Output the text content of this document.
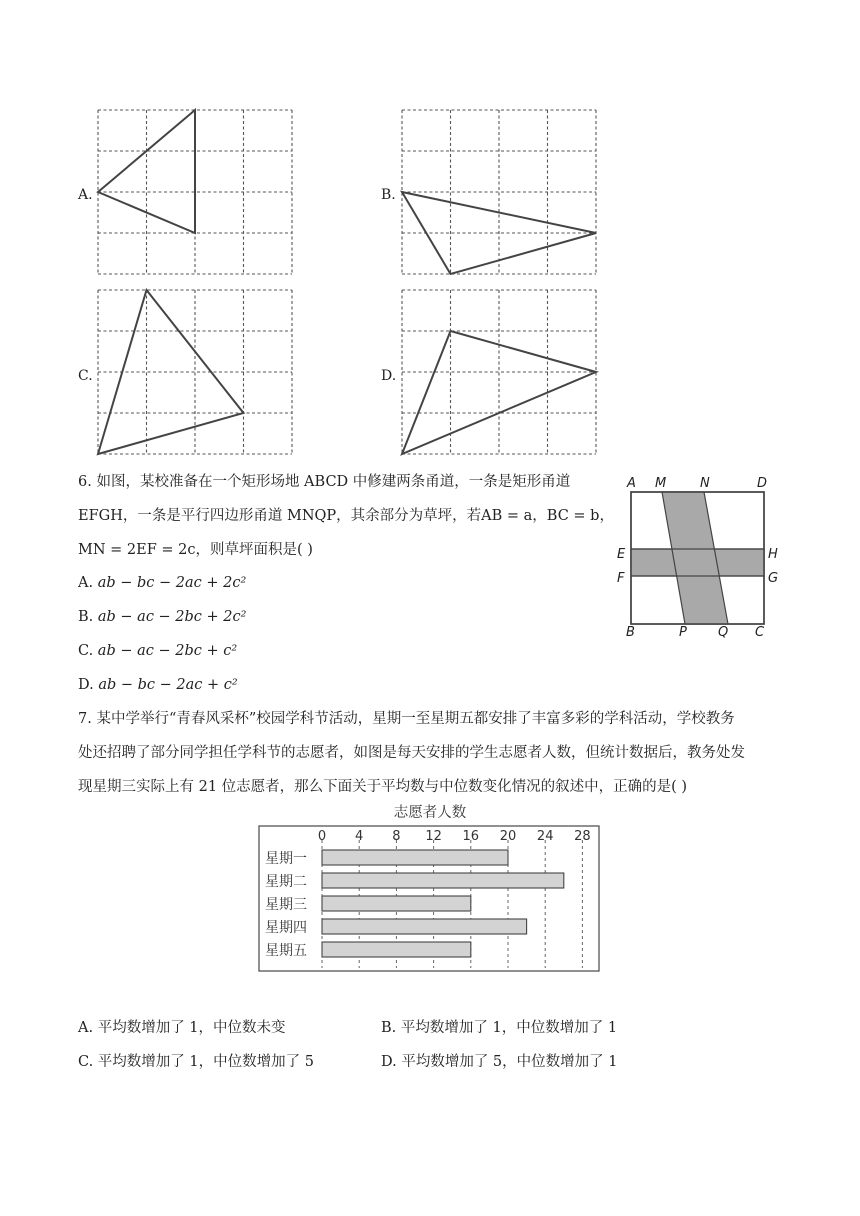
A.	B.
C.	D.
6. 如图，某校准备在一个矩形场地 ABCD 中修建两条甬道，一条是矩形甬道
EFGH，一条是平行四边形甬道 MNQP，其余部分为草坪，若AB = a，BC = b，
MN = 2EF = 2c，则草坪面积是( )
A. ab − bc − 2ac + 2c²
B. ab − ac − 2bc + 2c²
C. ab − ac − 2bc + c²
D. ab − bc − 2ac + c²
A M	N	D
E
F
H
G
B	P Q C
7. 某中学举行“青春风采杯”校园学科节活动，星期一至星期五都安排了丰富多彩的学科活动，学校教务
处还招聘了部分同学担任学科节的志愿者，如图是每天安排的学生志愿者人数，但统计数据后，教务处发
现星期三实际上有 21 位志愿者，那么下面关于平均数与中位数变化情况的叙述中，正确的是( )
志愿者人数
0 4 8 12 16 20 24 28
星期一
星期二
星期三
星期四
星期五
A. 平均数增加了 1，中位数未变	B. 平均数增加了 1，中位数增加了 1
C. 平均数增加了 1，中位数增加了 5	D. 平均数增加了 5，中位数增加了 1
